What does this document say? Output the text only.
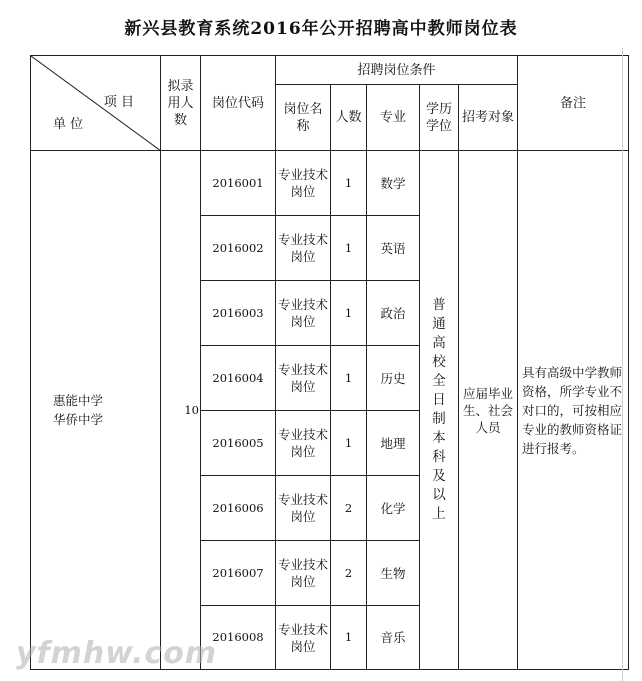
新兴县教育系统2016年公开招聘高中教师岗位表
项 目
单 位	拟录用人数	岗位代码	招聘岗位条件					备注

			岗位名称	人数	专业	学历学位	招考对象	

惠能中学
华侨中学	10	2016001	专业技术岗位	1	数学	普通高校全日制本科及以上	应届毕业生、社会人员	具有高级中学教师资格，所学专业不对口的，可按相应专业的教师资格证进行报考。

		2016002	专业技术岗位	1	英语			
		2016003	专业技术岗位	1	政治			
		2016004	专业技术岗位	1	历史			
		2016005	专业技术岗位	1	地理			
		2016006	专业技术岗位	2	化学			
		2016007	专业技术岗位	2	生物			
		2016008	专业技术岗位	1	音乐			
yfmhw.com
